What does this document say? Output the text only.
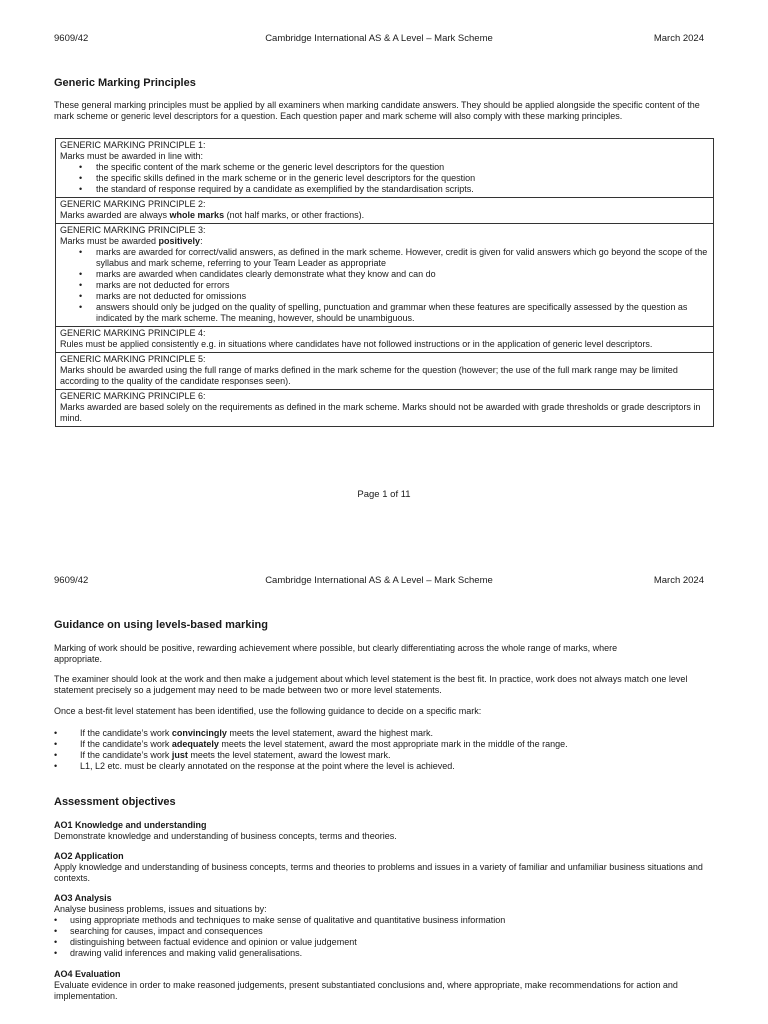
9609/42	Cambridge International AS & A Level – Mark Scheme	March 2024
Generic Marking Principles

These general marking principles must be applied by all examiners when marking candidate answers. They should be applied alongside the specific content of the mark scheme or generic level descriptors for a question. Each question paper and mark scheme will also comply with these marking principles.

GENERIC MARKING PRINCIPLE 1:
Marks must be awarded in line with:
• the specific content of the mark scheme or the generic level descriptors for the question
• the specific skills defined in the mark scheme or in the generic level descriptors for the question
• the standard of response required by a candidate as exemplified by the standardisation scripts.

GENERIC MARKING PRINCIPLE 2:
Marks awarded are always whole marks (not half marks, or other fractions).

GENERIC MARKING PRINCIPLE 3:
Marks must be awarded positively:
• marks are awarded for correct/valid answers, as defined in the mark scheme. However, credit is given for valid answers which go beyond the scope of the syllabus and mark scheme, referring to your Team Leader as appropriate
• marks are awarded when candidates clearly demonstrate what they know and can do
• marks are not deducted for errors
• marks are not deducted for omissions
• answers should only be judged on the quality of spelling, punctuation and grammar when these features are specifically assessed by the question as indicated by the mark scheme. The meaning, however, should be unambiguous.

GENERIC MARKING PRINCIPLE 4:
Rules must be applied consistently e.g. in situations where candidates have not followed instructions or in the application of generic level descriptors.

GENERIC MARKING PRINCIPLE 5:
Marks should be awarded using the full range of marks defined in the mark scheme for the question (however; the use of the full mark range may be limited according to the quality of the candidate responses seen).

GENERIC MARKING PRINCIPLE 6:
Marks awarded are based solely on the requirements as defined in the mark scheme. Marks should not be awarded with grade thresholds or grade descriptors in mind.
Page 1 of 11
9609/42	Cambridge International AS & A Level – Mark Scheme	March 2024
Guidance on using levels-based marking

Marking of work should be positive, rewarding achievement where possible, but clearly differentiating across the whole range of marks, where appropriate.

The examiner should look at the work and then make a judgement about which level statement is the best fit. In practice, work does not always match one level statement precisely so a judgement may need to be made between two or more level statements.

Once a best-fit level statement has been identified, use the following guidance to decide on a specific mark:

• If the candidate’s work convincingly meets the level statement, award the highest mark.
• If the candidate’s work adequately meets the level statement, award the most appropriate mark in the middle of the range.
• If the candidate’s work just meets the level statement, award the lowest mark.
• L1, L2 etc. must be clearly annotated on the response at the point where the level is achieved.
Assessment objectives

AO1 Knowledge and understanding
Demonstrate knowledge and understanding of business concepts, terms and theories.

AO2 Application
Apply knowledge and understanding of business concepts, terms and theories to problems and issues in a variety of familiar and unfamiliar business situations and contexts.

AO3 Analysis
Analyse business problems, issues and situations by:

• using appropriate methods and techniques to make sense of qualitative and quantitative business information
• searching for causes, impact and consequences
• distinguishing between factual evidence and opinion or value judgement
• drawing valid inferences and making valid generalisations.

AO4 Evaluation
Evaluate evidence in order to make reasoned judgements, present substantiated conclusions and, where appropriate, make recommendations for action and implementation.
